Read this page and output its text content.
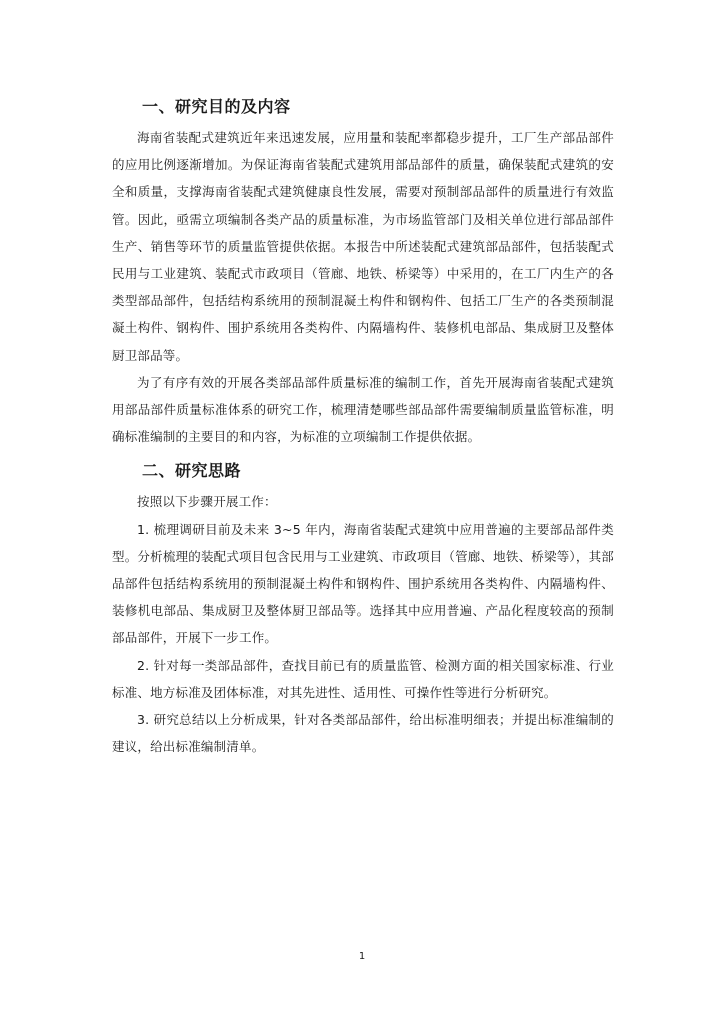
一、研究目的及内容

海南省装配式建筑近年来迅速发展，应用量和装配率都稳步提升，工厂生产部品部件的应用比例逐渐增加。为保证海南省装配式建筑用部品部件的质量，确保装配式建筑的安全和质量，支撑海南省装配式建筑健康良性发展，需要对预制部品部件的质量进行有效监管。因此，亟需立项编制各类产品的质量标准，为市场监管部门及相关单位进行部品部件生产、销售等环节的质量监管提供依据。本报告中所述装配式建筑部品部件，包括装配式民用与工业建筑、装配式市政项目（管廊、地铁、桥梁等）中采用的，在工厂内生产的各类型部品部件，包括结构系统用的预制混凝土构件和钢构件、包括工厂生产的各类预制混凝土构件、钢构件、围护系统用各类构件、内隔墙构件、装修机电部品、集成厨卫及整体厨卫部品等。

为了有序有效的开展各类部品部件质量标准的编制工作，首先开展海南省装配式建筑用部品部件质量标准体系的研究工作，梳理清楚哪些部品部件需要编制质量监管标准，明确标准编制的主要目的和内容，为标准的立项编制工作提供依据。

二、研究思路

按照以下步骤开展工作：

1. 梳理调研目前及未来 3~5 年内，海南省装配式建筑中应用普遍的主要部品部件类型。分析梳理的装配式项目包含民用与工业建筑、市政项目（管廊、地铁、桥梁等），其部品部件包括结构系统用的预制混凝土构件和钢构件、围护系统用各类构件、内隔墙构件、装修机电部品、集成厨卫及整体厨卫部品等。选择其中应用普遍、产品化程度较高的预制部品部件，开展下一步工作。

2. 针对每一类部品部件，查找目前已有的质量监管、检测方面的相关国家标准、行业标准、地方标准及团体标准，对其先进性、适用性、可操作性等进行分析研究。

3. 研究总结以上分析成果，针对各类部品部件，给出标准明细表；并提出标准编制的建议，给出标准编制清单。

1
